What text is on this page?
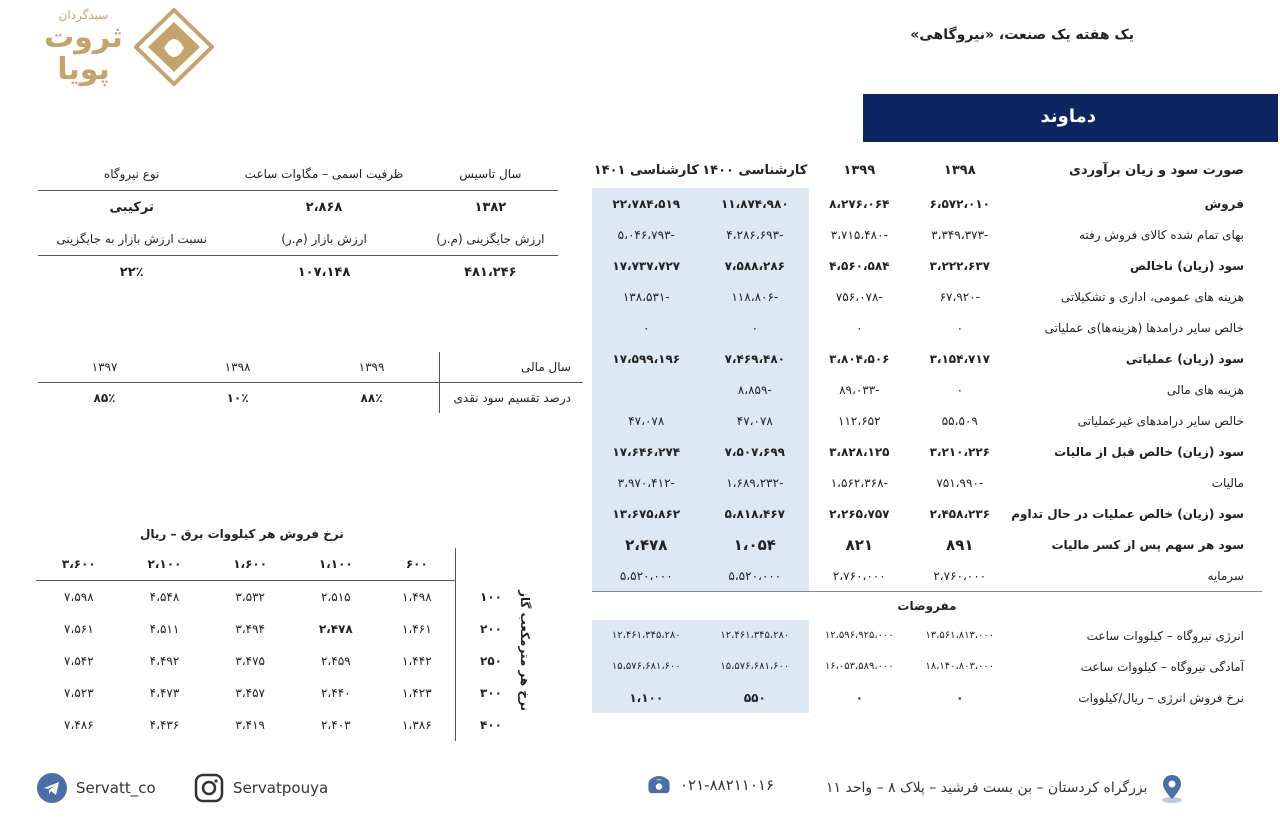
سبدگردان
ثروت پویا
یک هفته یک صنعت، «نیروگاهی»
دماوند
صورت سود و زیان برآوردی	۱۳۹۸	۱۳۹۹	کارشناسی ۱۴۰۰	کارشناسی ۱۴۰۱
فروش	۶،۵۷۲،۰۱۰	۸،۲۷۶،۰۶۴	۱۱،۸۷۴،۹۸۰	۲۲،۷۸۴،۵۱۹
بهای تمام شده کالای فروش رفته	-۳،۳۴۹،۳۷۳	-۳،۷۱۵،۴۸۰	-۴،۲۸۶،۶۹۳	-۵،۰۴۶،۷۹۳
سود (زیان) ناخالص	۳،۲۲۲،۶۳۷	۴،۵۶۰،۵۸۴	۷،۵۸۸،۲۸۶	۱۷،۷۳۷،۷۲۷
هزینه های عمومی، اداری و تشکیلاتی	-۶۷،۹۲۰	-۷۵۶،۰۷۸	-۱۱۸،۸۰۶	-۱۳۸،۵۳۱
خالص سایر درامدها (هزینه‌ها)ی عملیاتی	۰	۰	۰	۰
سود (زیان) عملیاتی	۳،۱۵۴،۷۱۷	۳،۸۰۴،۵۰۶	۷،۴۶۹،۴۸۰	۱۷،۵۹۹،۱۹۶
هزینه های مالی	۰	-۸۹،۰۳۳	-۸،۸۵۹	
خالص سایر درامدهای غیرعملیاتی	۵۵،۵۰۹	۱۱۲،۶۵۲	۴۷،۰۷۸	۴۷،۰۷۸
سود (زیان) خالص قبل از مالیات	۳،۲۱۰،۲۲۶	۳،۸۲۸،۱۲۵	۷،۵۰۷،۶۹۹	۱۷،۶۴۶،۲۷۴
مالیات	-۷۵۱،۹۹۰	-۱،۵۶۲،۳۶۸	-۱،۶۸۹،۲۳۲	-۳،۹۷۰،۴۱۲
سود (زیان) خالص عملیات در حال تداوم	۲،۴۵۸،۲۳۶	۲،۲۶۵،۷۵۷	۵،۸۱۸،۴۶۷	۱۳،۶۷۵،۸۶۲
سود هر سهم پس از کسر مالیات	۸۹۱	۸۲۱	۱،۰۵۴	۲،۴۷۸
سرمایه	۲،۷۶۰،۰۰۰	۲،۷۶۰،۰۰۰	۵،۵۲۰،۰۰۰	۵،۵۲۰،۰۰۰

مفروضات				
انرژی نیروگاه – کیلووات ساعت	۱۳،۵۶۱،۸۱۳،۰۰۰	۱۲،۵۹۶،۹۲۵،۰۰۰	۱۲،۴۶۱،۳۴۵،۲۸۰	۱۲،۴۶۱،۳۴۵،۲۸۰
آمادگی نیروگاه – کیلووات ساعت	۱۸،۱۴۰،۸۰۳،۰۰۰	۱۶،۰۵۳،۵۸۹،۰۰۰	۱۵،۵۷۶،۶۸۱،۶۰۰	۱۵،۵۷۶،۶۸۱،۶۰۰
نرخ فروش انرژی – ریال/کیلووات	۰	۰	۵۵۰	۱،۱۰۰
سال تاسیس	ظرفیت اسمی – مگاوات ساعت	نوع نیروگاه
۱۳۸۲	۲،۸۶۸	ترکیبی
ارزش جایگزینی (م.ر)	ارزش بازار (م.ر)	نسبت ارزش بازار به جایگزینی
۴۸۱،۲۴۶	۱۰۷،۱۴۸	۲۲٪
سال مالی	۱۳۹۹	۱۳۹۸	۱۳۹۷
درصد تقسیم سود نقدی	۸۸٪	۱۰٪	۸۵٪
نرخ فروش هر کیلووات برق – ریال
۳،۶۰۰	۲،۱۰۰	۱،۶۰۰	۱،۱۰۰	۶۰۰	
۷،۵۹۸	۴،۵۴۸	۳،۵۳۲	۲،۵۱۵	۱،۴۹۸	۱۰۰
۷،۵۶۱	۴،۵۱۱	۳،۴۹۴	۲،۴۷۸	۱،۴۶۱	۲۰۰
۷،۵۴۲	۴،۴۹۲	۳،۴۷۵	۲،۴۵۹	۱،۴۴۲	۲۵۰
۷،۵۲۳	۴،۴۷۳	۳،۴۵۷	۲،۴۴۰	۱،۴۲۳	۳۰۰
۷،۴۸۶	۴،۴۳۶	۳،۴۱۹	۲،۴۰۳	۱،۳۸۶	۴۰۰
نرخ هر مترمکعب گاز
Servatt_co	Servatpouya	۰۲۱-۸۸۲۱۱۰۱۶	بزرگراه کردستان – بن بست فرشید – پلاک ۸ – واحد ۱۱
